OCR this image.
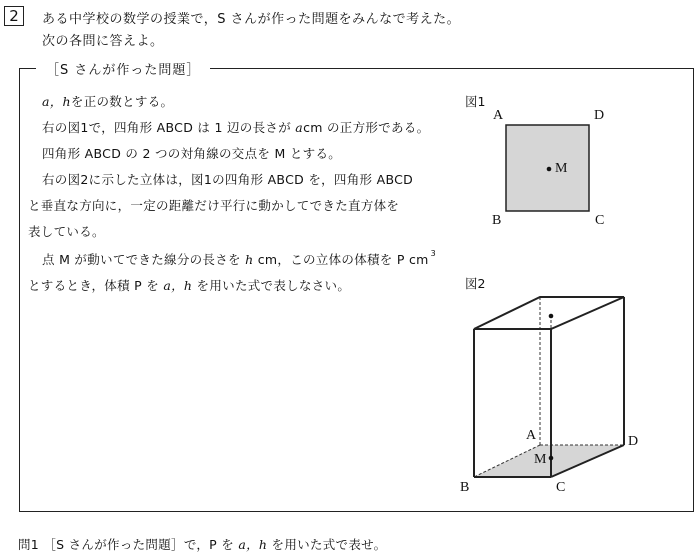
2	ある中学校の数学の授業で，S さんが作った問題をみんなで考えた。
次の各問に答えよ。
［S さんが作った問題］
a，hを正の数とする。
右の図1で，四角形 ABCD は 1 辺の長さが acm の正方形である。
四角形 ABCD の 2 つの対角線の交点を M とする。
右の図2に示した立体は，図1の四角形 ABCD を，四角形 ABCD
と垂直な方向に，一定の距離だけ平行に動かしてできた直方体を
表している。
点 M が動いてできた線分の長さを h cm，この立体の体積を P cm $^3$
とするとき，体積 P を a，h を用いた式で表しなさい。
図1
A	D
B	C
M
図2
A	D
M
B	C
問1 ［S さんが作った問題］で，P を a，h を用いた式で表せ。
